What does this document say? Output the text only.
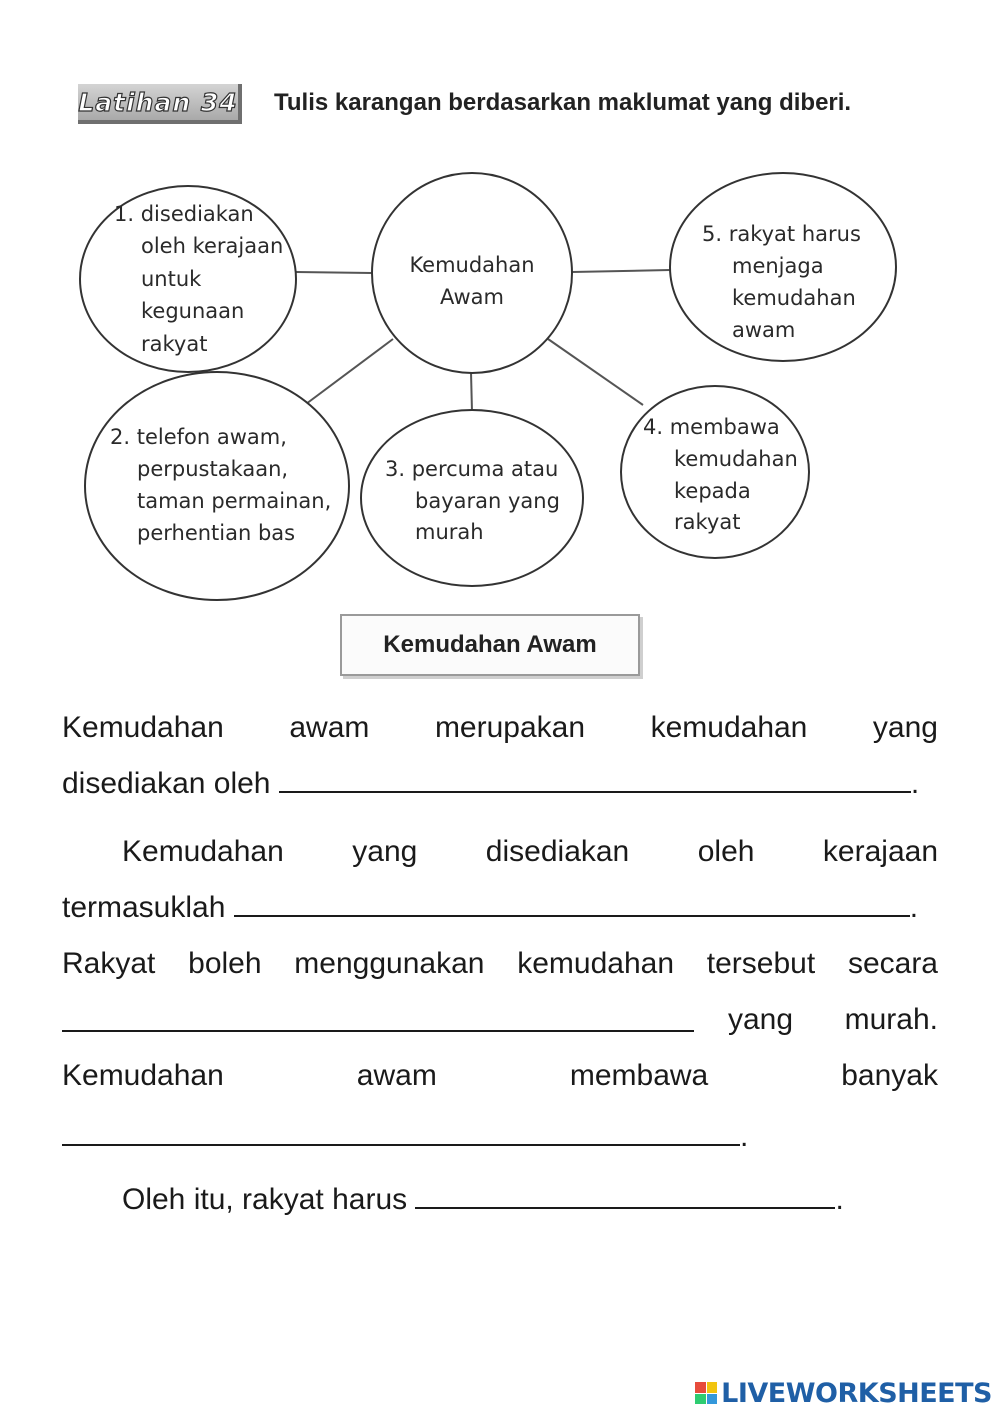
Latihan 34 Tulis karangan berdasarkan maklumat yang diberi.
Kemudahan
Awam
1. disediakan
oleh kerajaan
untuk
kegunaan
rakyat
2. telefon awam,
perpustakaan,
taman permainan,
perhentian bas
3. percuma atau
bayaran yang
murah
4. membawa
kemudahan
kepada
rakyat
5. rakyat harus
menjaga
kemudahan
awam
Kemudahan Awam
Kemudahan awam merupakan kemudahan yang
disediakan oleh	.
Kemudahan yang disediakan oleh kerajaan
termasuklah	.
Rakyat boleh menggunakan kemudahan tersebut secara
yang murah.
Kemudahan awam membawa banyak
.
Oleh itu, rakyat harus	.
LIVEWORKSHEETS
